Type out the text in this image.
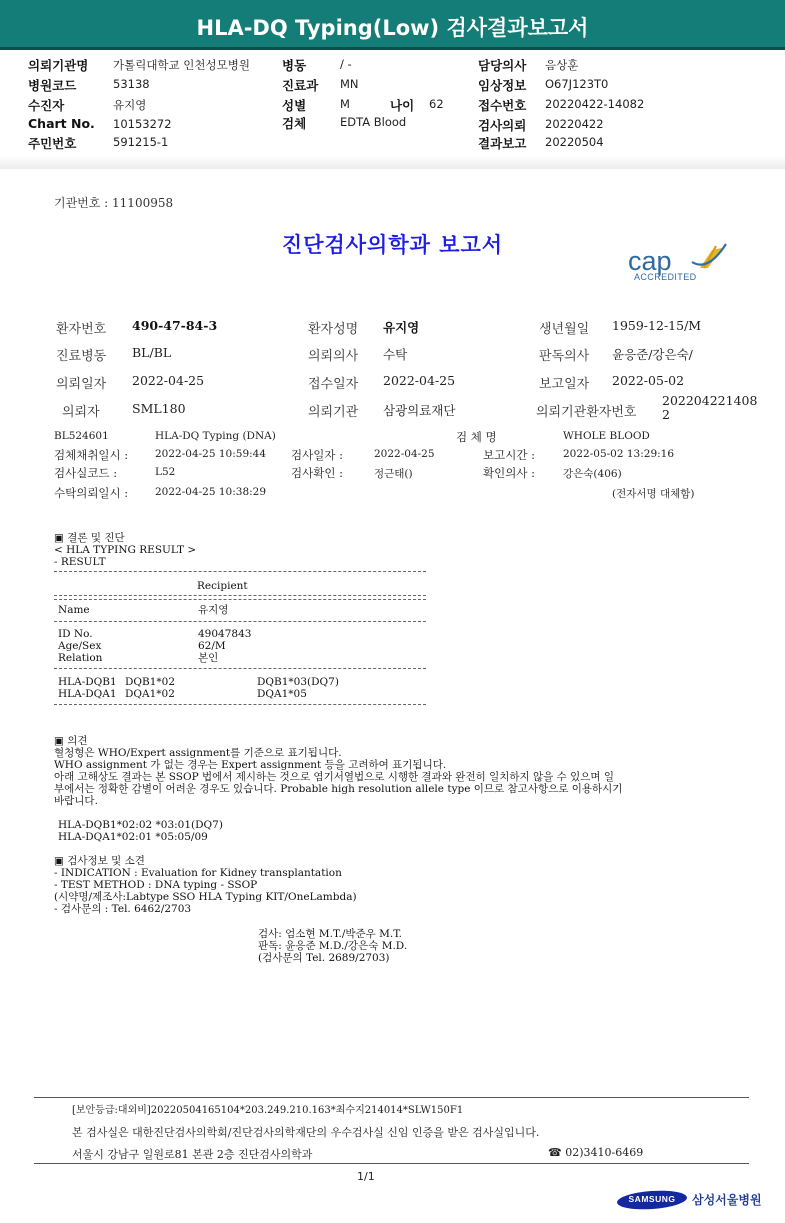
HLA-DQ Typing(Low) 검사결과보고서
의뢰기관명 가톨릭대학교 인천성모병원
병원코드	53138
수진자	유지영
Chart No. 10153272
주민번호	591215-1
병동	/ -
진료과 MN
성별	M	나이 62
검체	EDTA Blood
담당의사 음상훈
임상정보 O67J123T0
접수번호 20220422-14082
검사의뢰 20220422
결과보고 20220504
기관번호 : 11100958
진단검사의학과 보고서
cap
ACCREDITED
환자번호 490-47-84-3	환자성명 유지영	생년월일 1959-12-15/M
진료병동 BL/BL	의뢰의사 수탁	판독의사 윤응준/강은숙/
의뢰일자 2022-04-25	접수일자 2022-04-25	보고일자 2022-05-02
의뢰자	SML180	의뢰기관 삼광의료재단	의뢰기관환자번호
202204221408
2
BL524601	HLA-DQ Typing (DNA)	검 체 명	WHOLE BLOOD
검체채취일시 :	2022-04-25 10:59:44 검사일자 :	2022-04-25	보고시간 :	2022-05-02 13:29:16
검사실코드 :	L52	검사확인 :	정근태()	확인의사 :	강은숙(406)
수탁의뢰일시 :	2022-04-25 10:38:29	(전자서명 대체함)
▣ 결론 및 진단
< HLA TYPING RESULT >
- RESULT
Recipient
Name	유지영
ID No.	49047843
Age/Sex	62/M
Relation	본인
HLA-DQB1 DQB1*02	DQB1*03(DQ7)
HLA-DQA1 DQA1*02	DQA1*05
▣ 의견
혈청형은 WHO/Expert assignment를 기준으로 표기됩니다.
WHO assignment 가 없는 경우는 Expert assignment 등을 고려하여 표기됩니다.
아래 고해상도 결과는 본 SSOP 법에서 제시하는 것으로 염기서열법으로 시행한 결과와 완전히 일치하지 않을 수 있으며 일
부에서는 정확한 감별이 어려운 경우도 있습니다. Probable high resolution allele type 이므로 참고사항으로 이용하시기
바랍니다.
HLA-DQB1*02:02 *03:01(DQ7)
HLA-DQA1*02:01 *05:05/09
▣ 검사정보 및 소견
- INDICATION : Evaluation for Kidney transplantation
- TEST METHOD : DNA typing - SSOP
(시약명/제조사:Labtype SSO HLA Typing KIT/OneLambda)
- 검사문의 : Tel. 6462/2703
검사: 엄소현 M.T./박준우 M.T.
판독: 윤응준 M.D./강은숙 M.D.
(검사문의 Tel. 2689/2703)
[보안등급:대외비]20220504165104*203.249.210.163*최수지214014*SLW150F1
본 검사실은 대한진단검사의학회/진단검사의학재단의 우수검사실 신임 인증을 받은 검사실입니다.
서울시 강남구 일원로81 본관 2층 진단검사의학과	☎ 02)3410-6469
1/1
SAMSUNG	삼성서울병원
